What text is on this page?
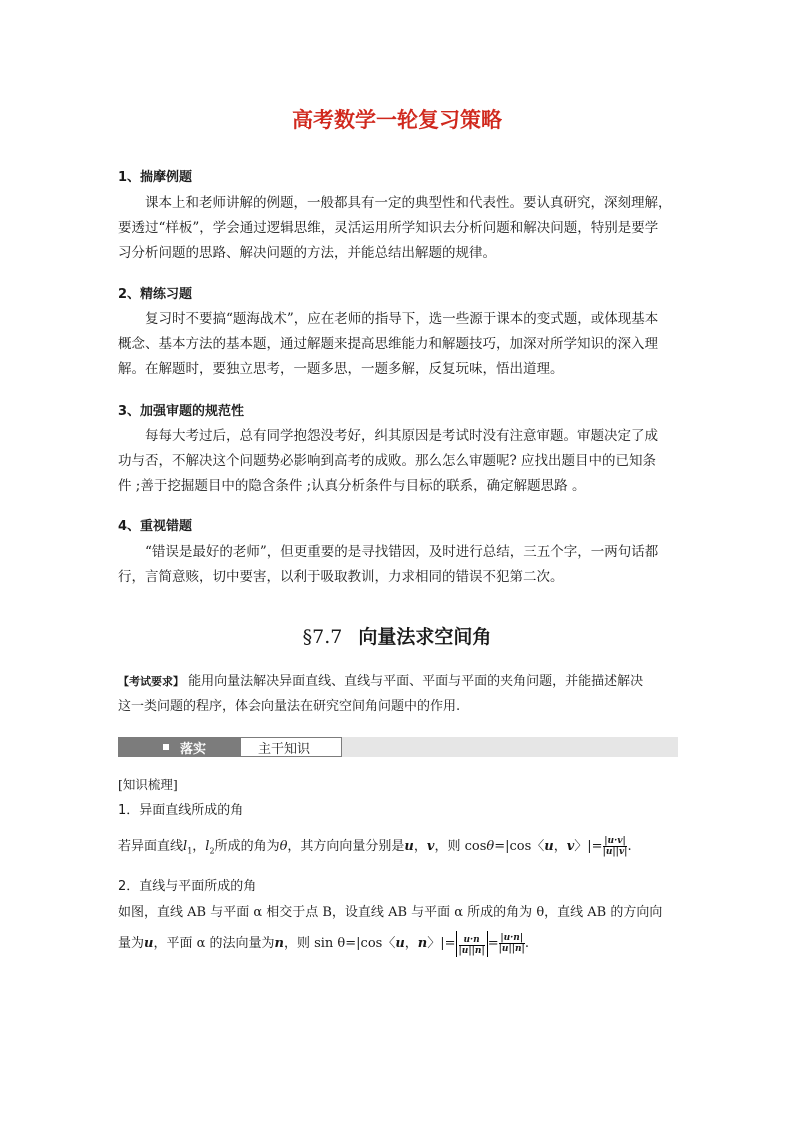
高考数学一轮复习策略
1、揣摩例题
课本上和老师讲解的例题，一般都具有一定的典型性和代表性。要认真研究，深刻理解，
要透过“样板”，学会通过逻辑思维，灵活运用所学知识去分析问题和解决问题，特别是要学
习分析问题的思路、解决问题的方法，并能总结出解题的规律。
2、精练习题
复习时不要搞“题海战术”，应在老师的指导下，选一些源于课本的变式题，或体现基本
概念、基本方法的基本题，通过解题来提高思维能力和解题技巧，加深对所学知识的深入理
解。在解题时，要独立思考，一题多思，一题多解，反复玩味，悟出道理。
3、加强审题的规范性
每每大考过后，总有同学抱怨没考好，纠其原因是考试时没有注意审题。审题决定了成
功与否，不解决这个问题势必影响到高考的成败。那么怎么审题呢? 应找出题目中的已知条
件 ;善于挖掘题目中的隐含条件 ;认真分析条件与目标的联系，确定解题思路 。
4、重视错题
“错误是最好的老师”，但更重要的是寻找错因，及时进行总结，三五个字，一两句话都
行，言简意赅，切中要害，以利于吸取教训，力求相同的错误不犯第二次。
§7.7 向量法求空间角
【考试要求】 能用向量法解决异面直线、直线与平面、平面与平面的夹角问题，并能描述解决
这一类问题的程序，体会向量法在研究空间角问题中的作用.
落实	主干知识
[知识梳理]
1．异面直线所成的角
若异面直线$l_1$，$l_2$所成的角为θ，其方向向量分别是u，v，则 cosθ=|cos〈u，v〉|= $\frac{|u\cdot v|}{|u||v|}$ .
2．直线与平面所成的角
如图，直线 AB 与平面 α 相交于点 B，设直线 AB 与平面 α 所成的角为 θ，直线 AB 的方向向
量为u，平面 α 的法向量为n，则 sin θ=|cos〈u，n〉|= $\frac{u\cdot n}{|u||n|} = \frac{|u\cdot n|}{|u||n|}$ .
